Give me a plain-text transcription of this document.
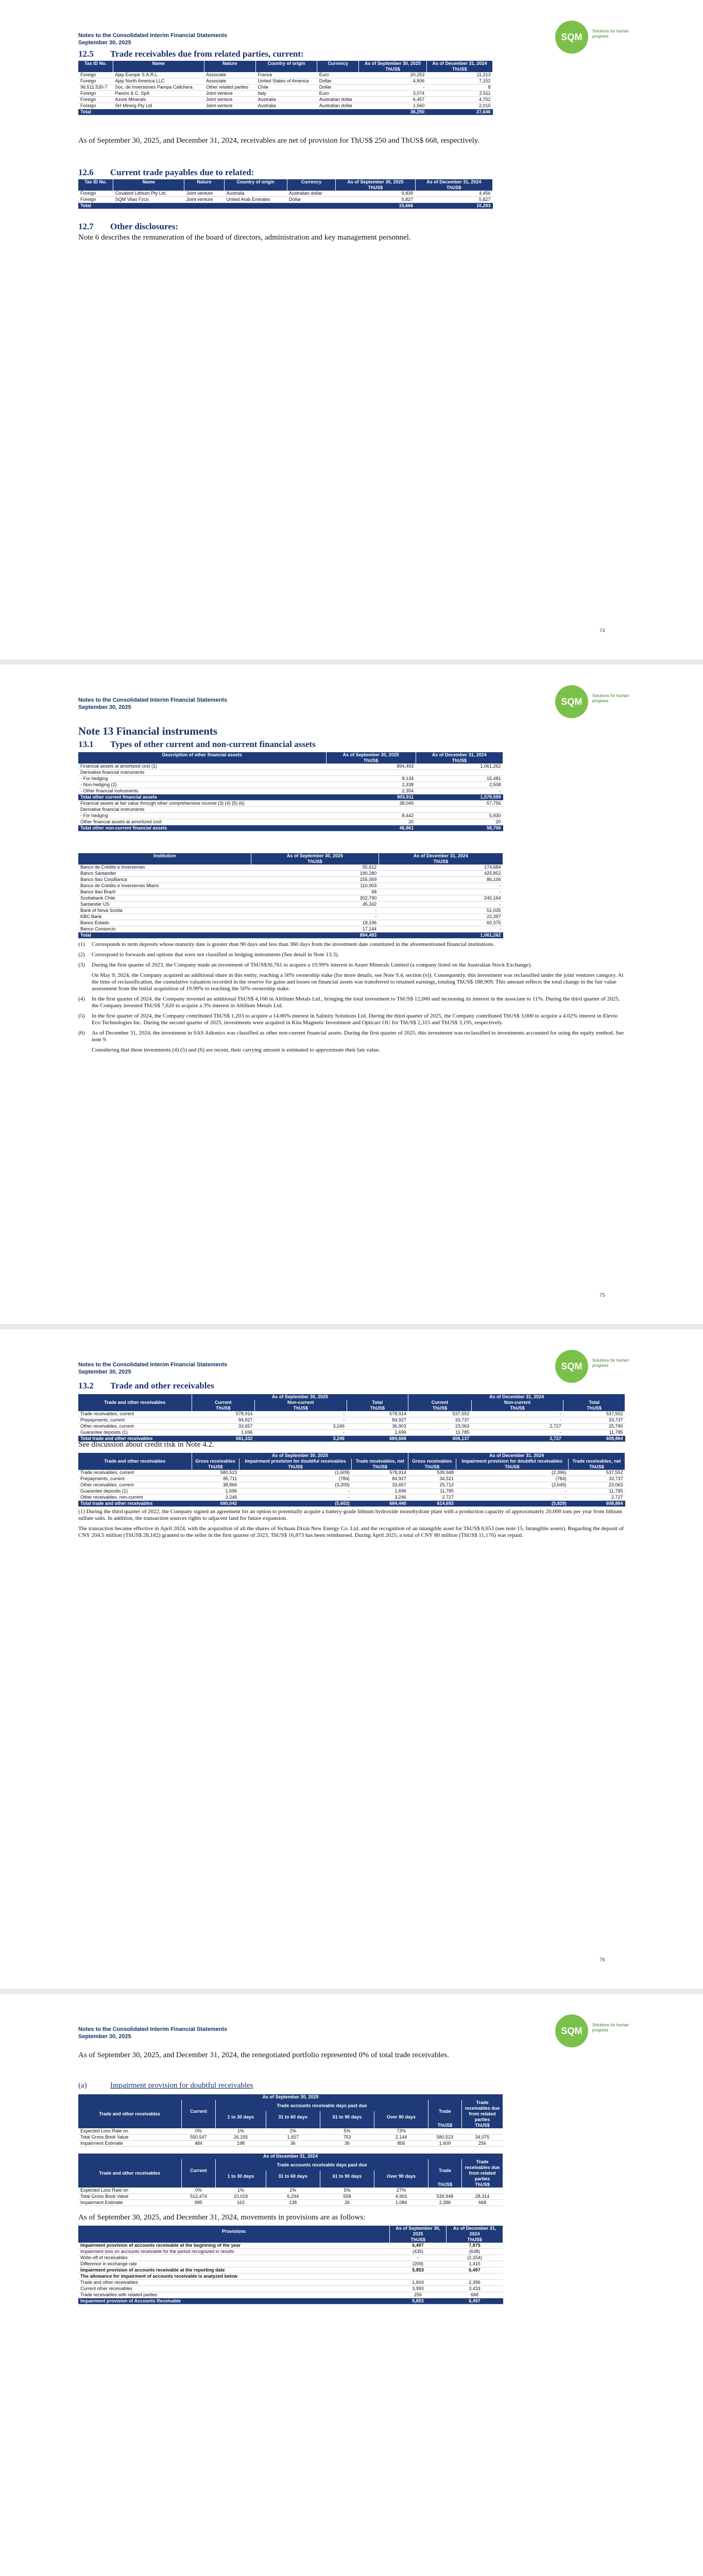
Notes to the Consolidated Interim Financial Statements
September 30, 2025
SQM
Solutions for human progress
12.5 Trade receivables due from related parties, current:
Tax ID No.	Name	Nature	Country of origin	Currency	As of September 30, 2025	As of December 31, 2024
					ThUS$	ThUS$
Foreign	Ajay Europe S.A.R.L.	Associate	France	Euro	20,253	11,213
Foreign	Ajay North America LLC	Associate	United States of America	Dollar	4,906	7,152
96.511.530-7	Soc. de Inversiones Pampa Calichera	Other related parties	Chile	Dollar	-	8
Foreign	Pavoni & C. SpA	Joint venture	Italy	Euro	3,074	2,511
Foreign	Azure Minerals	Joint venture	Australia	Australian dollar	6,457	4,752
Foreign	SH Mining Pty Ltd	Joint venture	Australia	Australian dollar	1,560	2,010
Total					36,250	27,646
As of September 30, 2025, and December 31, 2024, receivables are net of provision for ThUS$ 250 and ThUS$ 668, respectively.
12.6 Current trade payables due to related:
Tax ID No.	Name	Nature	Country of origin	Currency	As of September 30, 2025	As of December 31, 2024
					ThUS$	ThUS$
Foreign	Covalent Lithium Pty Ltd	Joint venture	Australia	Australian dollar	9,839	4,456
Foreign	SQM Vitas Fzco	Joint venture	United Arab Emirates	Dollar	5,827	5,827
Total					15,666	10,283
12.7 Other disclosures:
Note 6 describes the remuneration of the board of directors, administration and key management personnel.
74
Notes to the Consolidated Interim Financial Statements
September 30, 2025
SQM
Solutions for human progress
Note 13 Financial instruments
13.1 Types of other current and non-current financial assets
Description of other financial assets	As of September 30, 2025	As of December 31, 2024
	ThUS$	ThUS$
Financial assets at amortized cost (1)	894,493	1,061,262
Derivative financial instruments		
- For hedging	8,134	15,481
- Non-hedging (2)	2,338	2,508
- Other financial instruments	2,354	-
Total other current financial assets	903,911	1,079,599
Financial assets at fair value through other comprehensive income (3) (4) (5) (6)	38,049	57,756
Derivative financial instruments		
- For hedging	8,442	5,930
Other financial assets at amortized cost	20	20
Total other non-current financial assets	46,961	58,706
Institution	As of September 30, 2025	As of December 31, 2024
	ThUS$	ThUS$
Banco de Crédito e Inversiones	55,612	174,684
Banco Santander	190,280	425,852
Banco Itaú CorpBanca	155,059	86,106
Banco de Crédito e Inversiones Miami	110,903	-
Banco Itaú Brazil	68	-
Scotiabank Chile	302,790	240,164
Santander US	45,342	-
Bank of Nova Scotia	-	51,035
KBC Bank	-	22,397
Banco Estado	18,196	60,375
Banco Consorcio	17,144	-
Total	894,493	1,061,262

(1)	Corresponds to term deposits whose maturity date is greater than 90 days and less than 360 days from the investment date constituted in the aforementioned financial institutions.

(2)	Correspond to forwards and options that were not classified as hedging instruments (See detail in Note 13.3).

(3)	During the first quarter of 2023, the Company made an investment of ThUS$30,761 to acquire a 19.99% interest in Azure Minerals Limited (a company listed on the Australian Stock Exchange).

On May 9, 2024, the Company acquired an additional share in this entity, reaching a 50% ownership stake (for more details, see Note 9.4, section (e)). Consequently, this investment was reclassified under the joint ventures category. At the time of reclassification, the cumulative valuation recorded in the reserve for gains and losses on financial assets was transferred to retained earnings, totaling ThUS$ 188,909. This amount reflects the total change in the fair value assessment from the initial acquisition of 19.99% to reaching the 50% ownership stake.

(4)	In the first quarter of 2024, the Company invested an additional ThUS$ 4,166 in Altilium Metals Ltd., bringing the total investment to ThUS$ 12,000 and increasing its interest in the associate to 11%. During the third quarter of 2025, the Company invested ThUS$ 7,620 to acquire a 3% interest in Altilium Metals Ltd.

(5)	In the first quarter of 2024, the Company contributed ThUS$ 1,203 to acquire a 14.86% interest in Salinity Solutions Ltd. During the third quarter of 2025, the Company contributed ThUS$ 3,000 to acquire a 4.02% interest in Elevio Eco Technologies Inc. During the second quarter of 2025, investments were acquired in Kita Magnetic Investment and Opticarr OU for ThUS$ 2,315 and ThUS$ 3,195, respectively.

(6)	As of December 31, 2024, the investment in SAS Adionics was classified as other non-current financial assets. During the first quarter of 2025, this investment was reclassified to investments accounted for using the equity method. See note 9.

Considering that these investments (4) (5) and (6) are recent, their carrying amount is estimated to approximate their fair value.

75
Notes to the Consolidated Interim Financial Statements
September 30, 2025
SQM
Solutions for human progress
13.2 Trade and other receivables
Trade and other receivables	As of September 30, 2025			As of December 31, 2024		
	Current	Non-current	Total	Current	Non-current	Total
	ThUS$	ThUS$	ThUS$	ThUS$	ThUS$	ThUS$
Trade receivables, current	578,914	-	578,914	537,552	-	537,552
Prepayments, current	84,927	-	84,927	33,737	-	33,737
Other receivables, current	33,657	3,246	36,903	23,063	2,727	25,790
Guarantee deposits (1)	1,696	-	1,696	11,785	-	11,785
Total trade and other receivables	681,332	3,246	684,668	606,137	2,727	608,864
See discussion about credit risk in Note 4.2.
Trade and other receivables	As of September 30, 2025			As of December 31, 2024		
	Gross receivables	Impairment provision for doubtful receivables	Trade receivables, net	Gross receivables	Impairment provision for doubtful receivables	Trade receivables, net
	ThUS$	ThUS$	ThUS$	ThUS$	ThUS$	ThUS$
Trade receivables, current	580,523	(1,609)	578,914	539,948	(2,396)	537,552
Prepayments, current	85,711	(784)	84,927	34,521	(784)	33,737
Other receivables, current	38,866	(3,209)	33,657	25,712	(2,649)	23,063
Guarantee deposits (1)	1,696	-	1,696	11,785	-	11,785
Other receivables, non-current	3,246	-	3,246	2,727	-	2,727
Total trade and other receivables	690,042	(5,602)	684,440	614,693	(5,829)	608,864

(1) During the third quarter of 2022, the Company signed an agreement for an option to potentially acquire a battery-grade lithium hydroxide monohydrate plant with a production capacity of approximately 20,000 tons per year from lithium sulfate salts. In addition, the transaction sources rights to adjacent land for future expansion.

The transaction became effective in April 2024, with the acquisition of all the shares of Sichuan Dixin New Energy Co. Ltd. and the recognition of an intangible asset for ThUS$ 8,653 (see note 15, Intangible assets). Regarding the deposit of CNY 204.5 million (ThUS$ 28,182) granted to the seller in the first quarter of 2023, ThUS$ 16,873 has been reimbursed. During April 2025, a total of CNY 80 million (ThUS$ 11,176) was repaid.

76
Notes to the Consolidated Interim Financial Statements
September 30, 2025
SQM
Solutions for human progress
As of September 30, 2025, and December 31, 2024, the renegotiated portfolio represented 0% of total trade receivables.
(a)	Impairment provision for doubtful receivables
As of September 30, 2025							
Trade and other receivables	Current	Trade accounts receivable days past due				Trade	Trade receivables due from related parties
		1 to 30 days	31 to 60 days	61 to 90 days	Over 90 days		
						ThUS$	ThUS$
Expected Loss Rate on	0%	1%	2%	5%	73%		
Total Gross Book Value	550,547	26,155	1,657	753	2,144	580,523	34,075
Impairment Estimate	484	198	36	36	856	1,609	256
As of December 31, 2024							
Trade and other receivables	Current	Trade accounts receivable days past due				Trade	Trade receivables due from related parties
		1 to 30 days	31 to 60 days	61 to 90 days	Over 90 days		
						ThUS$	ThUS$
Expected Loss Rate on	0%	1%	2%	5%	27%		
Total Gross Book Value	512,474	10,019	6,294	558	4,903	539,948	28,314
Impairment Estimate	985	163	138	26	1,084	2,396	668
As of September 30, 2025, and December 31, 2024, movements in provisions are as follows:
Provisions	As of September 30, 2025	As of December 31, 2024
	ThUS$	ThUS$
Impairment provision of accounts receivable at the beginning of the year	6,497	7,875
Impairment loss on accounts receivable for the period recognized in results	(435)	(638)
Write-off of receivables	-	(2,154)
Difference in exchange rate	(209)	1,415
Impairment provision of accounts receivable at the reporting date	5,853	6,497
The allowance for impairment of accounts receivable is analyzed below		
Trade and other receivables	1,604	2,396
Current other receivables	3,993	3,433
Trade receivables with related parties	256	668
Impairment provision of Accounts Receivable	5,853	6,497
